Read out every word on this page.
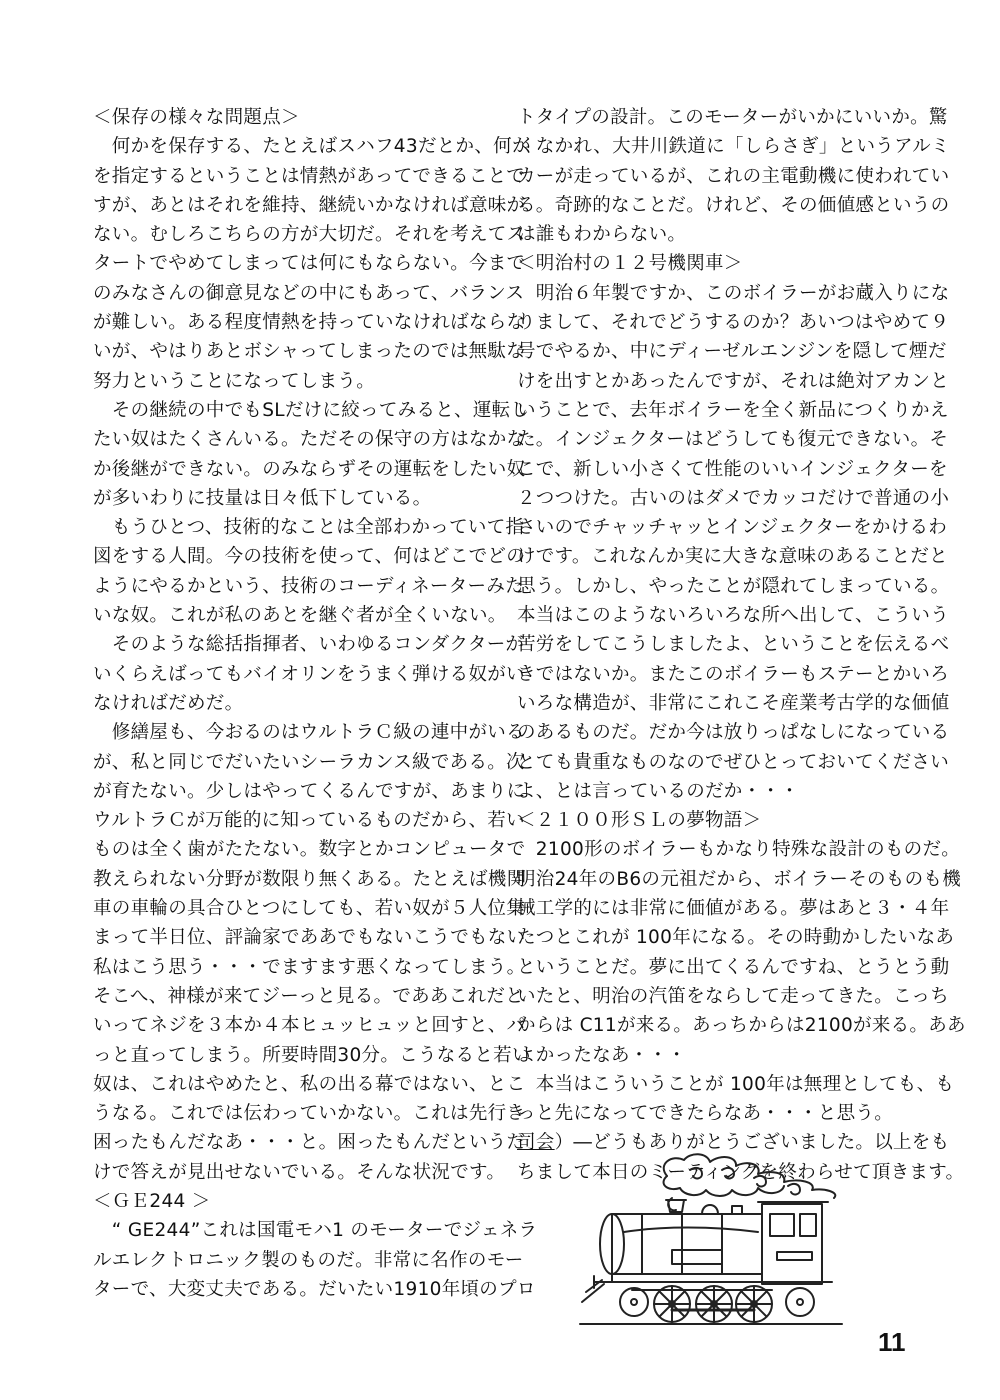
＜保存の様々な問題点＞
　何かを保存する、たとえばスハフ43だとか、何か
を指定するということは情熱があってできることで
すが、あとはそれを維持、継続いかなければ意味が
ない。むしろこちらの方が大切だ。それを考えてス
タートでやめてしまっては何にもならない。今まで
のみなさんの御意見などの中にもあって、バランス
が難しい。ある程度情熱を持っていなければならな
いが、やはりあとボシャってしまったのでは無駄な
努力ということになってしまう。
　その継続の中でもSLだけに絞ってみると、運転し
たい奴はたくさんいる。ただその保守の方はなかな
か後継ができない。のみならずその運転をしたい奴
が多いわりに技量は日々低下している。
　もうひとつ、技術的なことは全部わかっていて指
図をする人間。今の技術を使って、何はどこでどの
ようにやるかという、技術のコーディネーターみた
いな奴。これが私のあとを継ぐ者が全くいない。
　そのような総括指揮者、いわゆるコンダクターが
いくらえばってもバイオリンをうまく弾ける奴がい
なければだめだ。
　修繕屋も、今おるのはウルトラＣ級の連中がいる
が、私と同じでだいたいシーラカンス級である。次
が育たない。少しはやってくるんですが、あまりに
ウルトラＣが万能的に知っているものだから、若い
ものは全く歯がたたない。数字とかコンピュータで
教えられない分野が数限り無くある。たとえば機関
車の車輪の具合ひとつにしても、若い奴が５人位集
まって半日位、評論家でああでもないこうでもない
私はこう思う・・・でますます悪くなってしまう。
そこへ、神様が来てジーっと見る。でああこれだと
いってネジを３本か４本ヒュッヒュッと回すと、パ
っと直ってしまう。所要時間30分。こうなると若い
奴は、これはやめたと、私の出る幕ではない、とこ
うなる。これでは伝わっていかない。これは先行き
困ったもんだなあ・・・と。困ったもんだというだ
けで答えが見出せないでいる。そんな状況です。
＜ＧＥ244 ＞
　“ GE244”これは国電モハ1 のモーターでジェネラ
ルエレクトロニック製のものだ。非常に名作のモー
ターで、大変丈夫である。だいたい1910年頃のプロ
トタイプの設計。このモーターがいかにいいか。驚
くなかれ、大井川鉄道に「しらさぎ」というアルミ
カーが走っているが、これの主電動機に使われてい
る。奇跡的なことだ。けれど、その価値感というの
は誰もわからない。
＜明治村の１２号機関車＞
　明治６年製ですか、このボイラーがお蔵入りにな
りまして、それでどうするのか？あいつはやめて９
号でやるか、中にディーゼルエンジンを隠して煙だ
けを出すとかあったんですが、それは絶対アカンと
いうことで、去年ボイラーを全く新品につくりかえ
た。インジェクターはどうしても復元できない。そ
こで、新しい小さくて性能のいいインジェクターを
２つつけた。古いのはダメでカッコだけで普通の小
さいのでチャッチャッとインジェクターをかけるわ
けです。これなんか実に大きな意味のあることだと
思う。しかし、やったことが隠れてしまっている。
本当はこのようないろいろな所へ出して、こういう
苦労をしてこうしましたよ、ということを伝えるべ
きではないか。またこのボイラーもステーとかいろ
いろな構造が、非常にこれこそ産業考古学的な価値
のあるものだ。だか今は放りっぱなしになっている
とても貴重なものなのでぜひとっておいてください
よ、とは言っているのだか・・・
＜２１００形ＳＬの夢物語＞
　2100形のボイラーもかなり特殊な設計のものだ。
明治24年のB6の元祖だから、ボイラーそのものも機
械工学的には非常に価値がある。夢はあと３・４年
たつとこれが 100年になる。その時動かしたいなあ
ということだ。夢に出てくるんですね、とうとう動
いたと、明治の汽笛をならして走ってきた。こっち
からは C11が来る。あっちからは2100が来る。ああ
よかったなあ・・・
　本当はこういうことが 100年は無理としても、も
っと先になってできたらなあ・・・と思う。
司会）―どうもありがとうございました。以上をも
ちまして本日のミーティングを終わらせて頂きます。
11
